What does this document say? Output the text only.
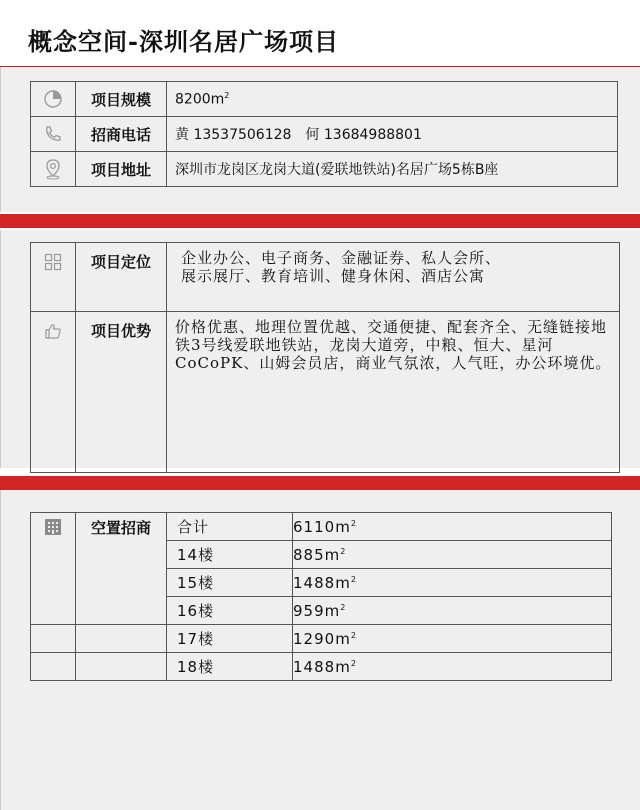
概念空间-深圳名居广场项目
	项目规模	$8200m^2$

	招商电话	黄 13537506128　何 13684988801

	项目地址	深圳市龙岗区龙岗大道(爱联地铁站)名居广场5栋B座
	项目定位	企业办公、电子商务、金融证券、私人会所、
展示展厅、教育培训、健身休闲、酒店公寓

	项目优势	价格优惠、地理位置优越、交通便捷、配套齐全、无缝链接地铁3号线爱联地铁站，龙岗大道旁，中粮、恒大、星河CoCoPK、山姆会员店，商业气氛浓，人气旺，办公环境优。
	空置招商	合计	$6110m^2$
		14楼	$885m^2$
		15楼	$1488m^2$
		16楼	$959m^2$
		17楼	$1290m^2$
		18楼	$1488m^2$
